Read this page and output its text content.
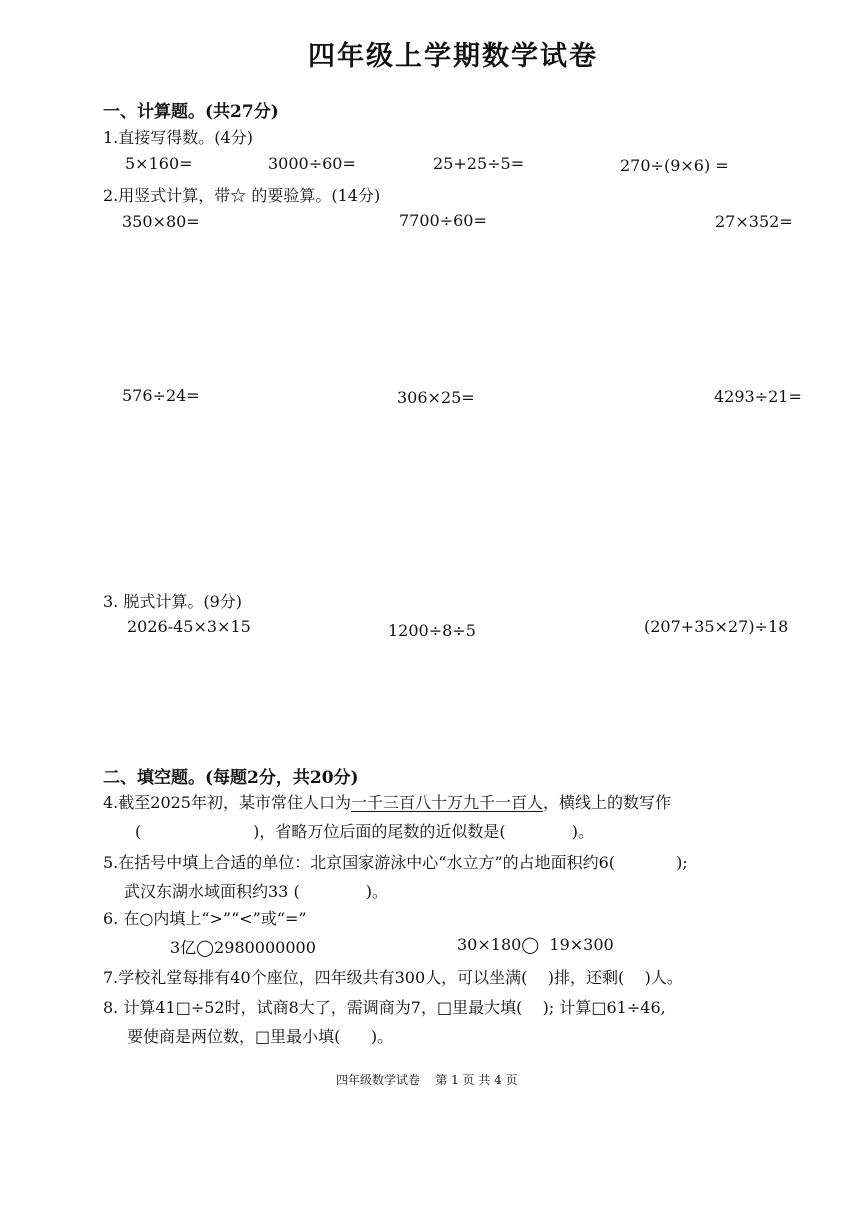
四年级上学期数学试卷
一、计算题。(共27分)
1.直接写得数。(4分)
5×160=	3000÷60=	25+25÷5=	270÷(9×6) =
2.用竖式计算，带☆ 的要验算。(14分)
350×80=	7700÷60=	27×352=
576÷24=	306×25=	4293÷21=
3. 脱式计算。(9分)
2026-45×3×15	1200÷8÷5	(207+35×27)÷18
二、填空题。(每题2分，共20分)
4.截至2025年初，某市常住人口为一千三百八十万九千一百人，横线上的数写作
(                      )，省略万位后面的尾数的近似数是(             )。
5.在括号中填上合适的单位：北京国家游泳中心“水立方”的占地面积约6(            );
武汉东湖水域面积约33 (             )。
6. 在○内填上“>”“<”或“=”
3亿◯2980000000	30×180◯  19×300
7.学校礼堂每排有40个座位，四年级共有300人，可以坐满(    )排，还剩(    )人。
8. 计算41□÷52时，试商8大了，需调商为7，□里最大填(    ); 计算□61÷46,
要使商是两位数，□里最小填(      )。
四年级数学试卷    第 1 页 共 4 页
